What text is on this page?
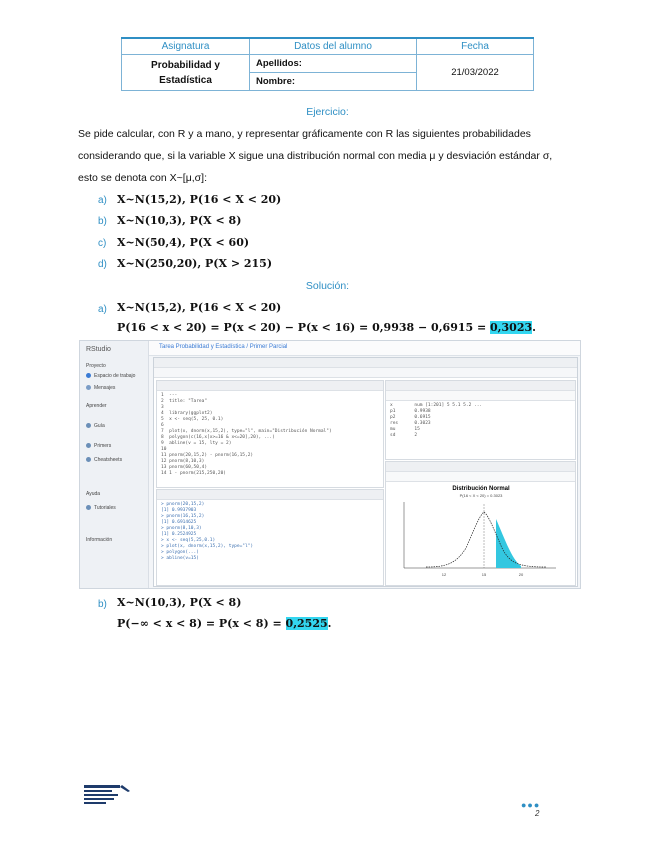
Asignatura	Datos del alumno	Fecha

Probabilidad y
Estadística	Apellidos:	21/03/2022
	Nombre:	
Ejercicio:
Se pide calcular, con R y a mano, y representar gráficamente con R las siguientes probabilidades
considerando que, si la variable X sigue una distribución normal con media μ y desviación estándar σ,
esto se denota con X~[μ,σ]:
a) X~N(15,2), P(16 < X < 20)
b) X~N(10,3), P(X < 8)
c) X~N(50,4), P(X < 60)
d) X~N(250,20), P(X > 215)
Solución:
a) X~N(15,2), P(16 < X < 20)
P(16 < x < 20) = P(x < 20) − P(x < 16) = 0,9938 − 0,6915 = 0,3023.
RStudio
Proyecto
Espacio de trabajo
Mensajes
Aprender
Guía
Primers
Cheatsheets
Ayuda
Tutoriales
Información
Tarea Probabilidad y Estadística / Primer Parcial
1  ---
2  title: "Tarea"
3
4  library(ggplot2)
5  x <- seq(5, 25, 0.1)
6
7  plot(x, dnorm(x,15,2), type="l", main="Distribución Normal")
8  polygon(c(16,x[x>=16 & x<=20],20), ...)
9  abline(v = 15, lty = 2)
10
11 pnorm(20,15,2) - pnorm(16,15,2)
12 pnorm(8,10,3)
13 pnorm(60,50,4)
14 1 - pnorm(215,250,20)
> pnorm(20,15,2)
[1] 0.9937903
> pnorm(16,15,2)
[1] 0.6914625
> pnorm(8,10,3)
[1] 0.2524925
> x <- seq(5,25,0.1)
> plot(x, dnorm(x,15,2), type="l")
> polygon(...)
> abline(v=15)
x        num [1:201] 5 5.1 5.2 ...
p1       0.9938
p2       0.6915
res      0.3023
mu       15
sd       2
Distribución Normal
P(16 < X < 20) = 0.3023
12	15	20
b) X~N(10,3), P(X < 8)
P(−∞ < x < 8) = P(x < 8) = 0,2525.
●●●
2
